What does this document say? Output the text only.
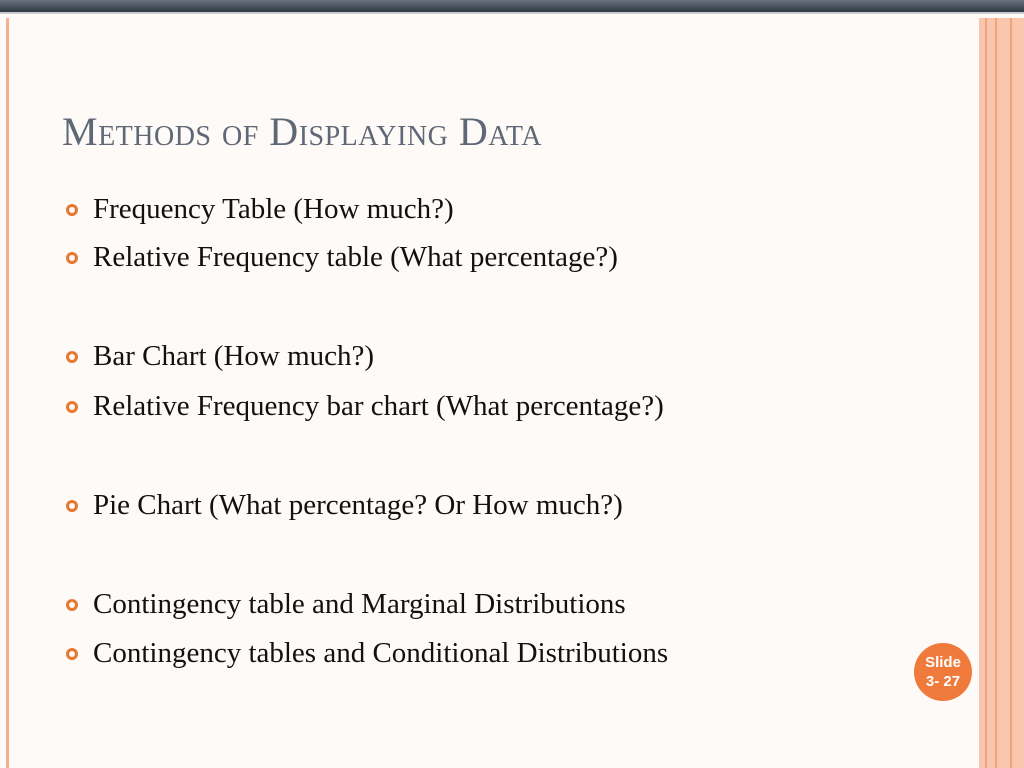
Methods of Displaying Data
Frequency Table (How much?)
Relative Frequency table (What percentage?)
Bar Chart (How much?)
Relative Frequency bar chart (What percentage?)
Pie Chart (What percentage? Or How much?)
Contingency table and Marginal Distributions
Contingency tables and Conditional Distributions	Slide
3- 27
